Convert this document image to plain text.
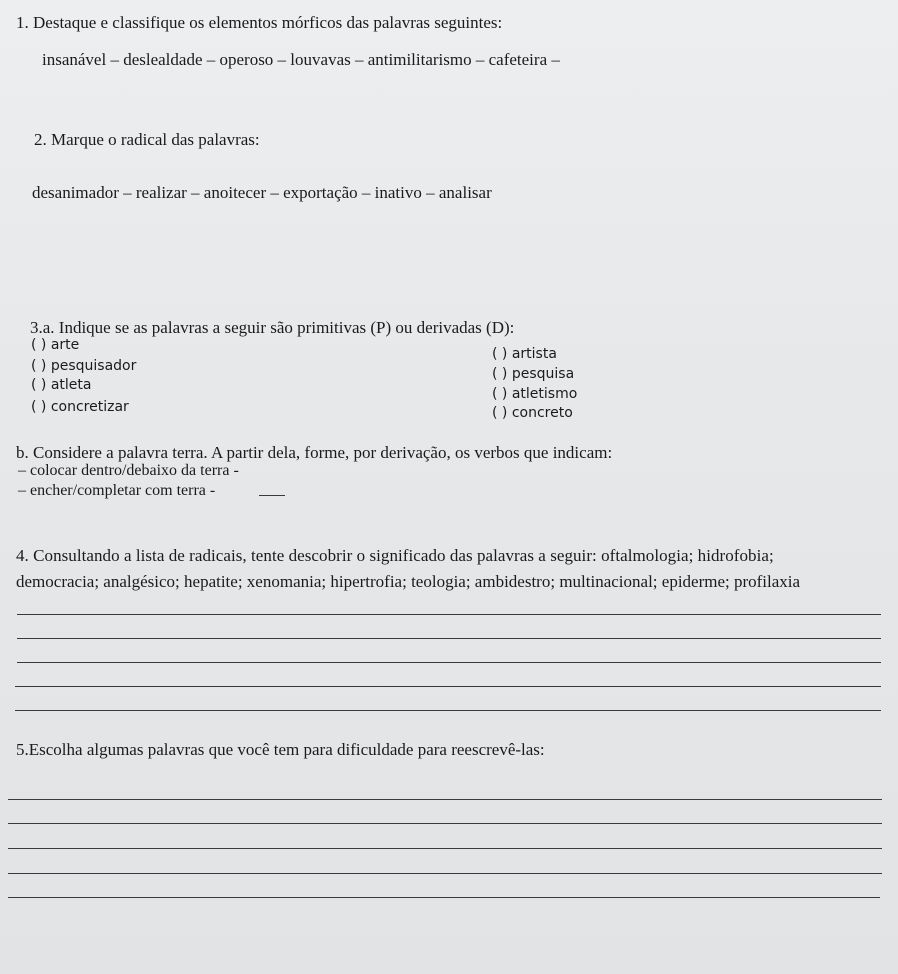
1. Destaque e classifique os elementos mórficos das palavras seguintes:
insanável – deslealdade – operoso – louvavas – antimilitarismo – cafeteira –
2. Marque o radical das palavras:
desanimador – realizar – anoitecer – exportação – inativo – analisar
3.a. Indique se as palavras a seguir são primitivas (P) ou derivadas (D):
( ) arte
( ) pesquisador
( ) atleta
( ) concretizar
( ) artista
( ) pesquisa
( ) atletismo
( ) concreto
b. Considere a palavra terra. A partir dela, forme, por derivação, os verbos que indicam:
– colocar dentro/debaixo da terra -
– encher/completar com terra -
4. Consultando a lista de radicais, tente descobrir o significado das palavras a seguir: oftalmologia; hidrofobia;
democracia; analgésico; hepatite; xenomania; hipertrofia; teologia; ambidestro; multinacional; epiderme; profilaxia
5.Escolha algumas palavras que você tem para dificuldade para reescrevê-las:
